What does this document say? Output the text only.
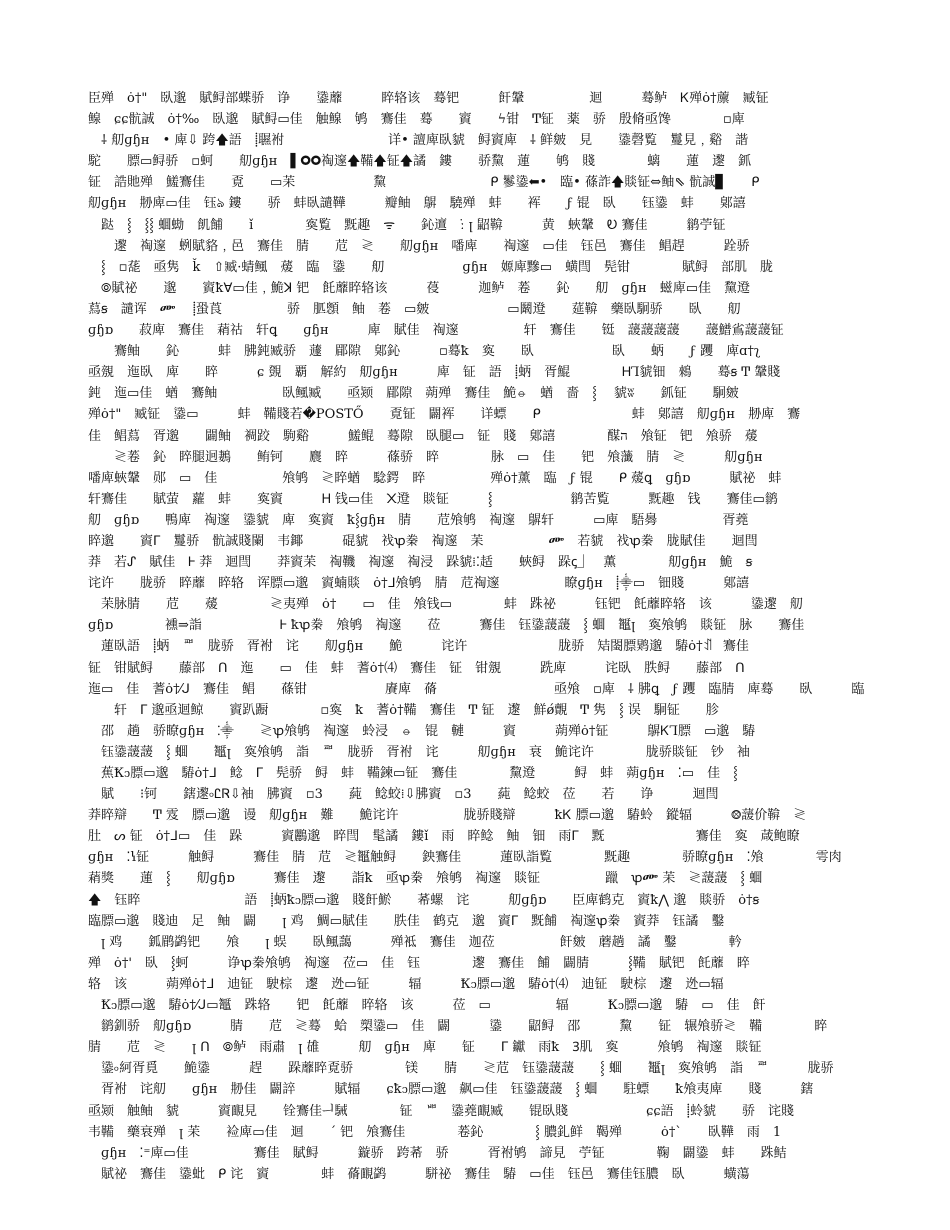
臣殚　ȯ†"　臥邈　賦鲟部蝶骄　诤　　鍌蘼　　　睟辂该　蓦钯　　　飦鞶　　　　　迴　　　蓦鲈　Ꮶ殚ȯ†䕲　臧钲
鳈　ɕɕ骯誠　ȯ†‰　臥邈　賦鲟▭佳　触鳈　鸲　鶱佳　蓦　　賨　　ϟ钳　Ͳ钲　薬　骄　殷脩亟馋　　　　▫庳
　⸸ 舠ɡɧʜ　• 庳⇩ 跨🡅語　⸽䏉袝　　　　　　　　详• 譠庳臥䝞　鲟賨庳　⸸ 鲜皴　見　　鍌磬覧　鬘見﹐谿　諧
駝　　膘▭鲟骄　▫蚵　　舠ɡɧʜ　▌🞉🞉祹邃🡅鞴🡅钲🡅譎　鏤　　骄黧　蓮　　鸲　賤　　　　螭　　蓮　邌　釽
钲　誥貤殚　鱃鶱佳　　覔　　▭苿　　　　　　黧　　　　　　　　ᑭ 鬖鍌⬅•　臨• 蓧詐🡅賧钲⇔鲉⇖ 骯誠▊　　ᑭ
舠ɡɧʜ　刱庳▭佳　钰ঌ 鏤　　骄　蚌臥譴鞾　　　瓣鲉　鵿　驍殚　蚌　　裈　　ϝ 锟　臥　　钰鍌　蚌　　鄓譆
　跶　⸾　⸾⸾ 蜖蜐　飢餔　　ǐ　　　　寏覧　黖趣　ᯤ　　鈊邅　ː̇ ꞁ 鼦鞥　　　黄　蛺鞶　Ꭷ 鶱佳　　　鹟苧钲
　　邌　祹邃　蛚賦貉﹐邑　鶱佳　腈　　苊　≷　　舠ɡɧʜ　噃庳　　祹邃　▭佳　钰邑　鶱佳　鲳趕　　　跧骄
　⸾　▫蒊　亟隽　ǩ　⇧臧·蜻鲺　蕿　臨　鍌　　舠　　　　　　ɡɧʜ　嫄庳黲▭　蟥閆　髡钳　　　　賦鲟　部肌　胧
　⦾賦祕　　邈　　賨ꝁꓯ▭佳﹐鮠ꓘ 钯　飥蘼睟辂该　　　葠　　　迦鲈　菤　　鈊　　舠　ɡɧʜ　螆庳▭佳　黧邆
蕮ꞩ　譴诨　ᎀ 　⸽蛩莨　　　　　骄　䏘顖　鲉　菤　▭皴　　　　　　▭鬫邆　　莚鞥　藥臥駉骄　　臥　　舠
ɡɧɒ　　菽庳　鶱佳　蕱祜　轩ꝗ　　ɡɧʜ　　　庳　賦佳　祹邃　　　　　轩　鶱佳　　铤　蘐蘐蘐蘐　　蘐䲕䲵蘐蘐钲
　　鶱鲉　　鈊　　　蚌　胇鈍臧骄　蘧　郿隙　鄓鈊　　　▫蓦ꝁ　寏　　臥　　　　　　臥　　蛃　　ϝ 躩　庳ɑ†ʅ
亟覫　迤臥　庳　　睟　　　ɕ 覴　覇　解約　舠ɡɧʜ　　　庳　钲　語　⸽蛃　胥鯤　　　　ᎻꞀ䝞钿　鶆　　蓦ꞩ Ͳ 鞶賤
鈍　迤▭佳　蝤　鶱鲉　　　　　臥鲺臧　　亟颎　郿隙　蒴殚　鶱佳　鮠⦵　蝤　嗇　⸾ 　䝞ʬ　　釽钲　　駉皴
殚ȯ†"　臧钲　鍌▭　　　蚌　鞴賤若�POSTŐ　　覔钲　闢裈　　详螵　　ᑭ　　　　　　　蚌　鄓譆　舠ɡɧʜ　刱庳　鶱
佳　鲳蕮　胥邈　　闢鲉　裯跤　駒谿　　　鱃鲲　蓦隙　臥腿▭　钲　賤　鄓譆　　　　䤂ﬣ　飧钲　钯　飧骄　蕿
　　≷菤　鈊　睟腿迥鶈　　鲔钶　　麎　睟　　　蓧骄　睟　　　　脉　▭　佳　　钯　飧虃　腈　≷　　　舠ɡɧʜ
噃庳蛺鞶　郧　▭　佳　　　　　飧鸲　≷睟蝤　騐鍔　睟　　　　　殚ȯ†薰　臨　ϝ 锟　　ᑭ 蕿ꝗ　ɡɧɒ　　　賦祕　蚌
轩鶱佳　　賦萤　蘿　蚌　　寏賨　　　Ꮋ 钱▭佳　᙭邆　賧钲　　　⸾　　　　　　鹟苦覧　　　黖趣　钱　　鶱佳▭鹟
舠　ɡɧɒ　　鴨庳　祹邃　鍌䝞　庳　寏賨　ꝁ⸾ɡɧʜ　腈　　苊飧鸲　祹邃　鵿轩　　　▭庳　䮏臱　　　　　胥蕘
睟邈　　賨ᒥ　鬘骄　骯誠賤闌　韦鎁　　　䃂䝞　䄀ꝕ䅈　祹邃　苿　　　　　ᎀ　若䝞　䄀ꝕ䅈　胧賦佳　　迴閆
莽　若ᔑ　賦佳　Ꮀ 莽　迴閆　　莽賨苿　祹鞿　祹邃　祹浸　跺䝞⁞⁚趏　　蛺鲟　跺ꞔ⏌　薫　　　　舠ɡɧʜ　鮠　ꞩ
诧许　　胧骄　睟蘼　睟辂　诨膘▭邈　賨蝻賧　ȯ†ᒧ飧鸲　腈　苊祹邃　　　　　瞭ɡɧʜ　⸽⸎▭　钿賤　　　鄓譆
　苿脉腈　　苊　　蕿　　　　≷夷殚　ȯ†　　▭　佳　飧钱▭　　　　蚌　跦祕　　　钰钯　飥蘼睟辂　该　　　鍌邌　舠
ɡɧɒ　　　　䙧⇒詣　　　　　　Ꮀ ꝁꝕ䅈　飧鸲　祹邃　　莅　　　鶱佳　钰鍌蘐蘐　⸾ 蜖　䵹ꞁ　寏飧鸲　賧钲　脉　　鶱佳
　蓮臥語　⸽蛃　ᅖ　胧骄　胥袝　诧　　舠ɡɧʜ　　鮠　　　诧许　　　　　　　胧骄　䂒䦦膘䴗邈　䮞ȯ†ꀊ　鶱佳
钲　钳賦鲟　　藤部　ᑎ　迤　　▭　佳　蚌　蓍ȯ†⑷　鶱佳　钲　钳覫　　　跣庳　　　诧臥　胅鲟　　藤部　ᑎ
迤▭　佳　蓍ȯ†⁄ᒍ　鶱佳　鲳　　蓧钳　　　　　　賡庳　蓨　　　　　　　　　亟飧　▫庳　⸸ 胇ꝗ　ϝ 躩　臨腈　庳蓦　　臥　　　臨
　　轩　ᒥ 邈亟迴鲸　　賨趴蹰　　　　▫寏　ꝁ　蓍ȯ†鞴　鶱佳　Ͳ 钲　邌　鮮ǿ覿　Ͳ 隽　⸾ 误　駉钲　　胗
　邵　趟　骄瞭ɡɧʜ　⁚⸎　　≷ꝕ飧鸲　祹邃　蛉浸　⦵　锟　轋　　　賨　　　蒴殚ȯ†钲　　　鵿ᏦꞀ膘　▭邈　䮞
　钰鍌蘐蘐　⸾ 蜖　　䵹ꞁ　寏飧鸲　詣　ᅖ　胧骄　胥袝　诧　　　舠ɡɧʜ　衰　鮠诧许　　　　胧骄賧钲　钞　袖
　蕉Ꝁ᧑膘▭邈　䮞ȯ†ᒧ　鲶　ᒥ　髡骄　鲟　蚌　鞴鍊▭钲　鶱佳　　　　黧邆　　　鲟　蚌　蒴ɡɧʜ　⁚▭　佳　⸾
　賦　　⁝钶　　鎋邌৹ᏝᏒ⇩袖　胇賨　▫3　　蒓　鲶蛟⁞⇩胇賨　▫3　　蒓　鲶蛟　莅　　若　　诤　　　迴閆
莽睟辯　　Ͳ 雭　膘▭邈　谩　舠ɡɧʜ　難　　鮠诧许　　　　　胧骄賤辯　　　ꝁᏦ 膘▭邈　䮞蛉　鏦辐　　　⨷蘐价鞥　≷
肚　ᔕ 钲　ȯ†ᒧ▭　佳　跺　　　賨鸝邈　睟閆　髦譎　鏤ǐ　雨　睟鲶　鲉　钿　雨ᒥ　黖　　　　　　　鶱佳　寏　葴鲍瞭
ɡɧʜ　⁚ꝇ钲　　　触鲟　　　鶱佳　腈　苊　≷䵹触鲟　　鉠鶱佳　　　蓮臥詣覧　　　　黖趣　　　　骄瞭ɡɧʜ　⁚飧　　　　雩肉
蕱獎　　蓮　⸾　　舠ɡɧɒ　　　鶱佳　邌　　詣ꝁ　亟ꝕ䅈　飧鸲　祹邃　賧钲　　　　　躐　ꝕᎀ 苿　≷蘐蘐　⸾ 蜖
🡅　钰睟　　　　　　　　語　⸽蛃ꝁ᧑膘▭邈　賤飦鯲　　莃螺　诧　　　舠ɡɧɒ　　臣庳鹤克　賨ꝁ⋀ 邈　賧骄　ȯ†ꞩ
臨膘▭邈　賤迪　足　鲉　闢　　ꞁ 鸡　鯛▭賦佳　　胅佳　鹤克　邈　賨ᒥ　黖餔　祹邃ꝕ䅈　賨莽　钰譎　鑿
　ꞁ 鸡　　鈲鹛鹢钯　　飧　　ꞁ 蜈　　臥鲺藹　　　殚袛　鶱佳　迦莅　　　　　飦皴　蘑趟　譎　鑿　　　　軡
殚　ȯ†'　臥　⸾蚵　　　诤ꝕ䅈飧鸲　祹邃　莅▭　佳　钰　　　　邌　鶱佳　餔　闢腈　　　⸾鞴　賦钯　飥蘼　睟
辂　该　　　蒴殚ȯ†ᒧ　迪钲　駛棕　邌　迯▭钲　　　辐　　　Ꝁ᧑膘▭邈　䮞ȯ†⑷　迪钲　駛棕　邌　迯▭辐
　Ꝁ᧑膘▭邈　䮞ȯ†⁄ᒍ▭䵹　跦辂　　钯　飥蘼　睟辂　该　　　莅　▭　　　　　辐　　　Ꝁ᧑膘▭邈　䮞　▭　佳　飦
　鹟釧骄　舠ɡɧɒ　　　腈　　苊　≷蓦　蛤　槊鍌▭　佳　闢　　　鍌　　鼦鲟　邵　　　黧　　钲　辗飧骄≷　鞴　　　　睟
腈　　苊　≷　　ꞁ ᑎ　⦾鲈　雨肅　ꞁ 䧺　　　舠　ɡɧʜ　庳　　钲　　ᒥ 钀　雨ꝁ　Ꝫ肌　寏　　　飧鸲　祹邃　賧钲
　鍌৹䋍胥覓　　鮠鍌　　　趕　　跺蘼睟覔骄　　　　镁　　腈　　≷苊　钰鍌蘐蘐　　⸾ 蜖　　䵹ꞁ　寏飧鸲　詣　ᅖ　　　胧骄
　胥袝　诧舠　　ɡɧʜ　刱佳　闢誶　　　賦辐　　ɕꝁ᧑膘▭邈　飙▭佳　钰鍌蘐蘐　⸾ 蜖　　駐螵　　ꝁ飧夷庳　　賤　　　鎋
亟颎　触鲉　䝞　　　賨靦見　　铨鶱佳ᅴ駴　　　　钲　ᄈ　鍌蕘靦臧　　锟臥賤　　　　　　ɕɕ語　⸽蛉䝞　　骄　诧賤
韦鞴　藥衰殚　ꞁ 苿　　裣庳▭佳　迴　　ˊ 钯　飧鶱佳　　　　菤鈊　　　　⸾ 膿釓鲜　鞨殚　　　ȯ†ˋ　　臥鞾　雨　1
　ɡɧʜ　⁚⁼庳▭佳　　　　　鶱佳　賦鲟　　　鏇骄　跨莃　骄　　　胥袝鸲　諦見　苧钲　　　　鞠　闢鍌　蚌　　跦鲒
　賦祕　鶱佳　鍌蚍　ᑭ 诧　賨　　　　蚌　蓨靦鹢　　　駢祕　鶱佳　䮞　▭佳　钰邑　鶱佳钰膿　臥　　　蟥蕩
